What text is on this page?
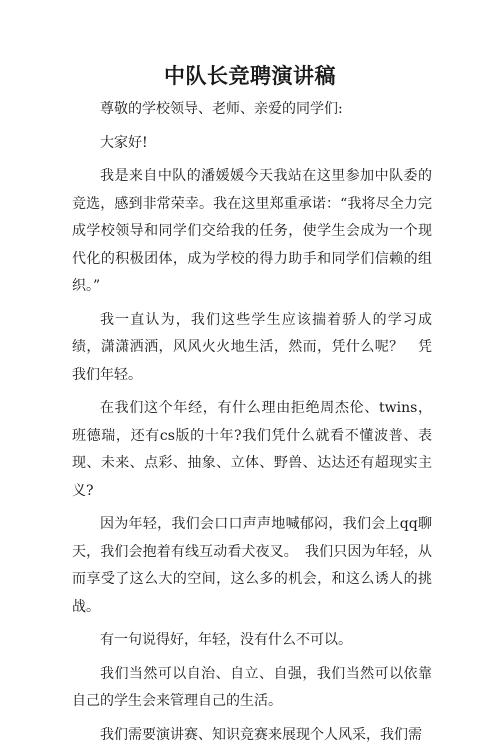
中队长竞聘演讲稿

尊敬的学校领导、老师、亲爱的同学们:

大家好!

我是来自中队的潘媛媛今天我站在这里参加中队委的竞选，感到非常荣幸。我在这里郑重承诺：“我将尽全力完成学校领导和同学们交给我的任务，使学生会成为一个现代化的积极团体，成为学校的得力助手和同学们信赖的组织。”

我一直认为，我们这些学生应该揣着骄人的学习成绩，潇潇洒洒，风风火火地生活，然而，凭什么呢？　凭我们年轻。

在我们这个年经，有什么理由拒绝周杰伦、twins，班德瑞，还有cs版的十年?我们凭什么就看不懂波普、表现、未来、点彩、抽象、立体、野兽、达达还有超现实主义?

因为年轻，我们会口口声声地喊郁闷，我们会上qq聊天，我们会抱着有线互动看犬夜叉。　我们只因为年轻，从而享受了这么大的空间，这么多的机会，和这么诱人的挑战。

有一句说得好，年轻，没有什么不可以。

我们当然可以自治、自立、自强，我们当然可以依靠自己的学生会来管理自己的生活。

我们需要演讲赛、知识竞赛来展现个人风采，我们需
